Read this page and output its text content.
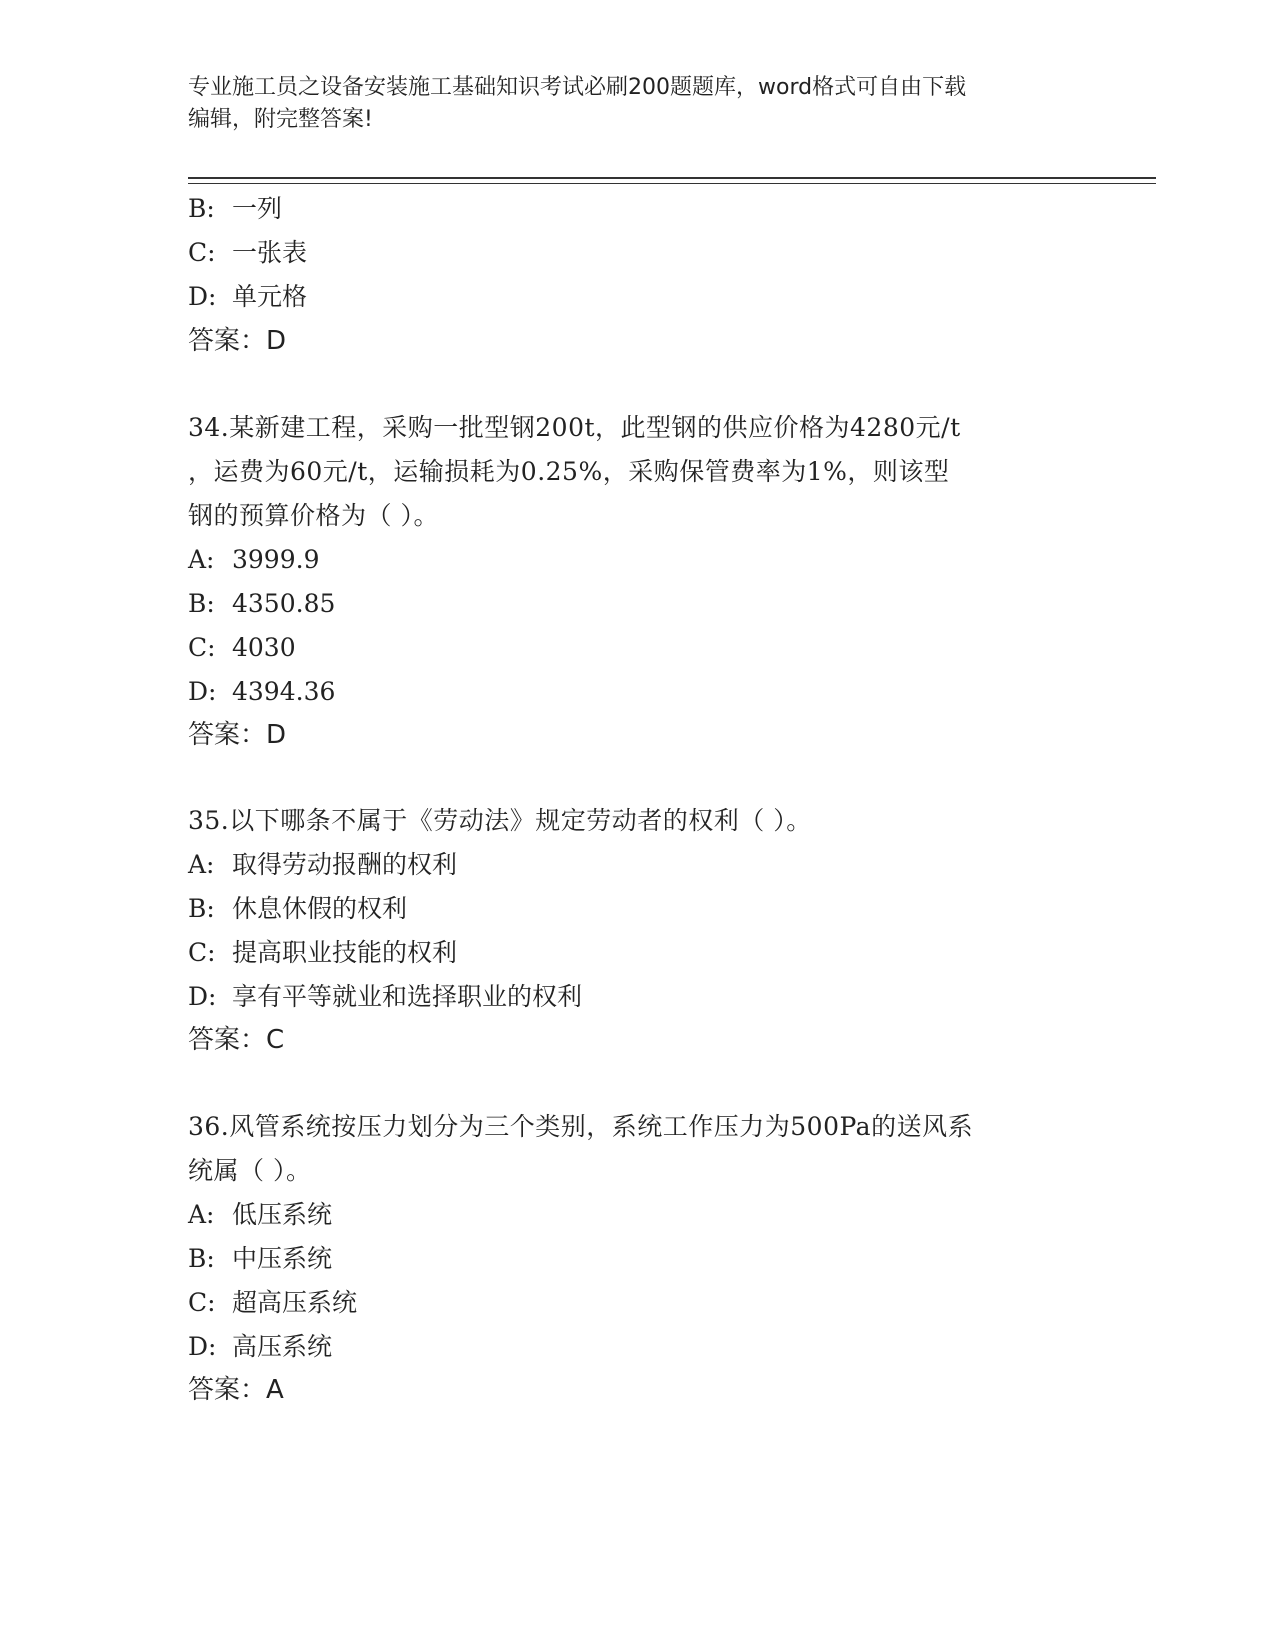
专业施工员之设备安装施工基础知识考试必刷200题题库，word格式可自由下载
编辑，附完整答案!
B: 一列
C: 一张表
D: 单元格
答案：D
34.某新建工程，采购一批型钢200t，此型钢的供应价格为4280元/t
，运费为60元/t，运输损耗为0.25%，采购保管费率为1%，则该型
钢的预算价格为（ ）。
A: 3999.9
B: 4350.85
C: 4030
D: 4394.36
答案：D
35.以下哪条不属于《劳动法》规定劳动者的权利（ ）。
A: 取得劳动报酬的权利
B: 休息休假的权利
C: 提高职业技能的权利
D: 享有平等就业和选择职业的权利
答案：C
36.风管系统按压力划分为三个类别，系统工作压力为500Pa的送风系
统属（ ）。
A: 低压系统
B: 中压系统
C: 超高压系统
D: 高压系统
答案：A
